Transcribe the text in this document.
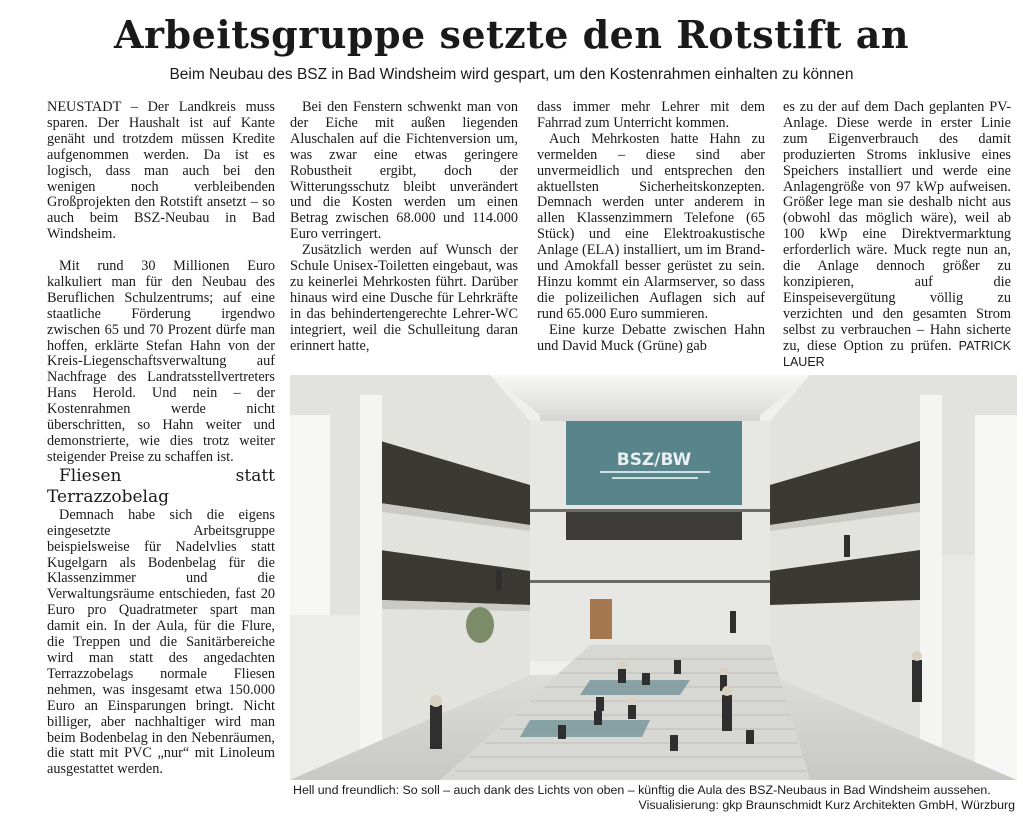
Arbeitsgruppe setzte den Rotstift an
Beim Neubau des BSZ in Bad Windsheim wird gespart, um den Kostenrahmen einhalten zu können

NEUSTADT – Der Landkreis muss sparen. Der Haushalt ist auf Kante genäht und trotzdem müssen Kredite aufgenommen werden. Da ist es logisch, dass man auch bei den wenigen noch verbleibenden Großprojekten den Rotstift ansetzt – so auch beim BSZ-Neubau in Bad Windsheim.

Mit rund 30 Millionen Euro kalkuliert man für den Neubau des Beruflichen Schulzentrums; auf eine staatliche Förderung irgendwo zwischen 65 und 70 Prozent dürfe man hoffen, erklärte Stefan Hahn von der Kreis-Liegenschaftsverwaltung auf Nachfrage des Landratsstellvertreters Hans Herold. Und nein – der Kostenrahmen werde nicht überschritten, so Hahn weiter und demonstrierte, wie dies trotz weiter steigender Preise zu schaffen ist.

Fliesen statt Terrazzobelag

Demnach habe sich die eigens eingesetzte Arbeitsgruppe beispielsweise für Nadelvlies statt Kugelgarn als Bodenbelag für die Klassenzimmer und die Verwaltungsräume entschieden, fast 20 Euro pro Quadratmeter spart man damit ein. In der Aula, für die Flure, die Treppen und die Sanitärbereiche wird man statt des angedachten Terrazzobelags normale Fliesen nehmen, was insgesamt etwa 150.000 Euro an Einsparungen bringt. Nicht billiger, aber nachhaltiger wird man beim Bodenbelag in den Nebenräumen, die statt mit PVC „nur“ mit Linoleum ausgestattet werden.

Bei den Fenstern schwenkt man von der Eiche mit außen liegenden Aluschalen auf die Fichtenversion um, was zwar eine etwas geringere Robustheit ergibt, doch der Witterungsschutz bleibt unverändert und die Kosten werden um einen Betrag zwischen 68.000 und 114.000 Euro verringert.

Zusätzlich werden auf Wunsch der Schule Unisex-Toiletten eingebaut, was zu keinerlei Mehrkosten führt. Darüber hinaus wird eine Dusche für Lehrkräfte in das behindertengerechte Lehrer-WC integriert, weil die Schulleitung daran erinnert hatte,

dass immer mehr Lehrer mit dem Fahrrad zum Unterricht kommen.

Auch Mehrkosten hatte Hahn zu vermelden – diese sind aber unvermeidlich und entsprechen den aktuellsten Sicherheitskonzepten. Demnach werden unter anderem in allen Klassenzimmern Telefone (65 Stück) und eine Elektroakustische Anlage (ELA) installiert, um im Brand- und Amokfall besser gerüstet zu sein. Hinzu kommt ein Alarmserver, so dass die polizeilichen Auflagen sich auf rund 65.000 Euro summieren.

Eine kurze Debatte zwischen Hahn und David Muck (Grüne) gab

es zu der auf dem Dach geplanten PV-Anlage. Diese werde in erster Linie zum Eigenverbrauch des damit produzierten Stroms inklusive eines Speichers installiert und werde eine Anlagengröße von 97 kWp aufweisen. Größer lege man sie deshalb nicht aus (obwohl das möglich wäre), weil ab 100 kWp eine Direktvermarktung erforderlich wäre. Muck regte nun an, die Anlage dennoch größer zu konzipieren, auf die Einspeisevergütung völlig zu verzichten und den gesamten Strom selbst zu verbrauchen – Hahn sicherte zu, diese Option zu prüfen. PATRICK LAUER

BSZ/BW
Hell und freundlich: So soll – auch dank des Lichts von oben – künftig die Aula des BSZ-Neubaus in Bad Windsheim aussehen.
Visualisierung: gkp Braunschmidt Kurz Architekten GmbH, Würzburg
